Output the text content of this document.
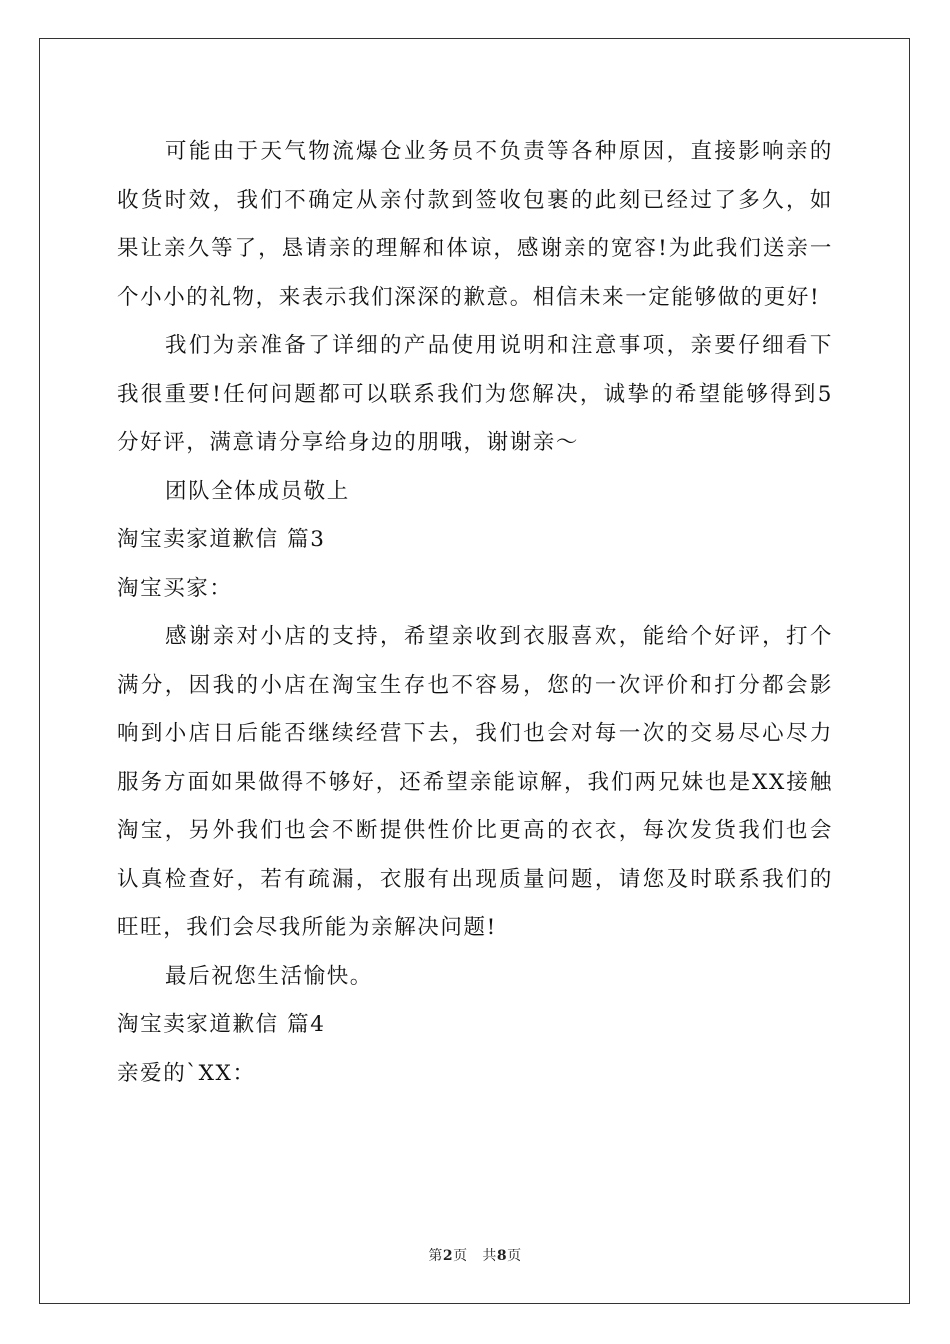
可能由于天气物流爆仓业务员不负责等各种原因，直接影响亲的收货时效，我们不确定从亲付款到签收包裹的此刻已经过了多久，如果让亲久等了，恳请亲的理解和体谅，感谢亲的宽容!为此我们送亲一个小小的礼物，来表示我们深深的歉意。相信未来一定能够做的更好!

我们为亲准备了详细的产品使用说明和注意事项，亲要仔细看下我很重要!任何问题都可以联系我们为您解决，诚挚的希望能够得到5分好评，满意请分享给身边的朋哦，谢谢亲～

团队全体成员敬上

淘宝卖家道歉信 篇3

淘宝买家：

感谢亲对小店的支持，希望亲收到衣服喜欢，能给个好评，打个满分，因我的小店在淘宝生存也不容易，您的一次评价和打分都会影响到小店日后能否继续经营下去，我们也会对每一次的交易尽心尽力服务方面如果做得不够好，还希望亲能谅解，我们两兄妹也是XX接触淘宝，另外我们也会不断提供性价比更高的衣衣，每次发货我们也会认真检查好，若有疏漏，衣服有出现质量问题，请您及时联系我们的旺旺，我们会尽我所能为亲解决问题!

最后祝您生活愉快。

淘宝卖家道歉信 篇4

亲爱的`XX：

第2页 共8页
